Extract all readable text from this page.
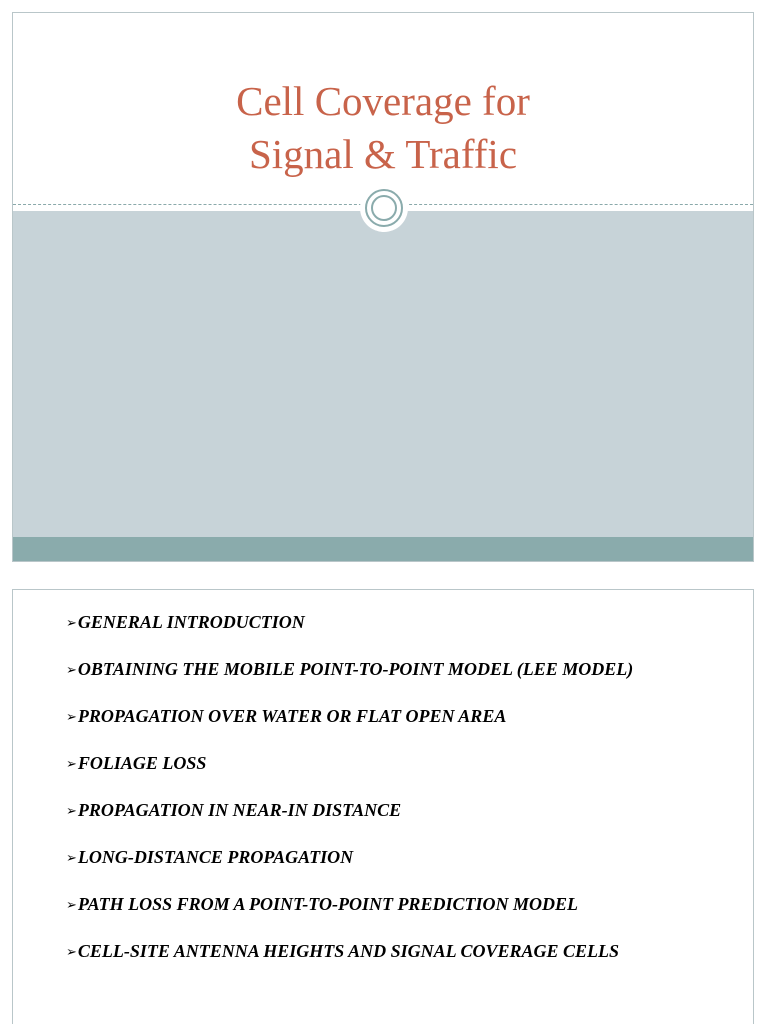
Cell Coverage for
Signal & Traffic
➢GENERAL INTRODUCTION
➢OBTAINING THE MOBILE POINT-TO-POINT MODEL (LEE MODEL)
➢PROPAGATION OVER WATER OR FLAT OPEN AREA
➢FOLIAGE LOSS
➢PROPAGATION IN NEAR-IN DISTANCE
➢LONG-DISTANCE PROPAGATION
➢PATH LOSS FROM A POINT-TO-POINT PREDICTION MODEL
➢CELL-SITE ANTENNA HEIGHTS AND SIGNAL COVERAGE CELLS
